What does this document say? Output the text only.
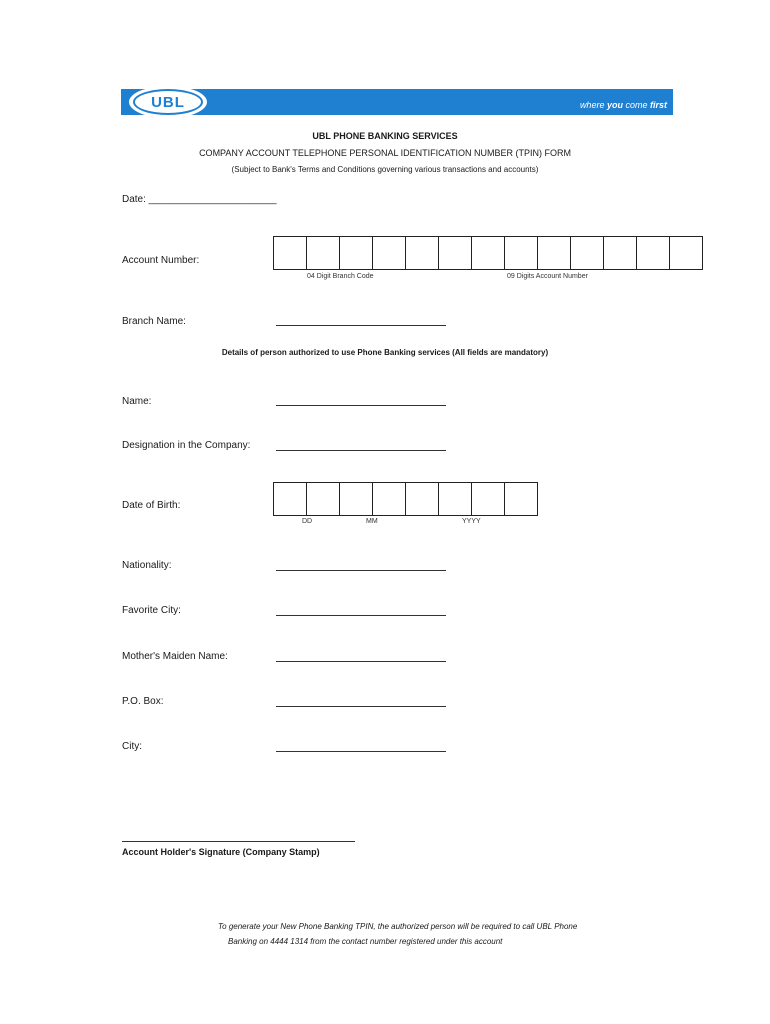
UBL	where you come first
UBL PHONE BANKING SERVICES
COMPANY ACCOUNT TELEPHONE PERSONAL IDENTIFICATION NUMBER (TPIN) FORM
(Subject to Bank's Terms and Conditions governing various transactions and accounts)
Date: _______________________
Account Number:
04 Digit Branch Code	09 Digits Account Number
Branch Name:
Details of person authorized to use Phone Banking services (All fields are mandatory)
Name:
Designation in the Company:
Date of Birth:
DD	MM	YYYY
Nationality:
Favorite City:
Mother's Maiden Name:
P.O. Box:
City:
Account Holder's Signature (Company Stamp)
To generate your New Phone Banking TPIN, the authorized person will be required to call UBL Phone
Banking on 4444 1314 from the contact number registered under this account
